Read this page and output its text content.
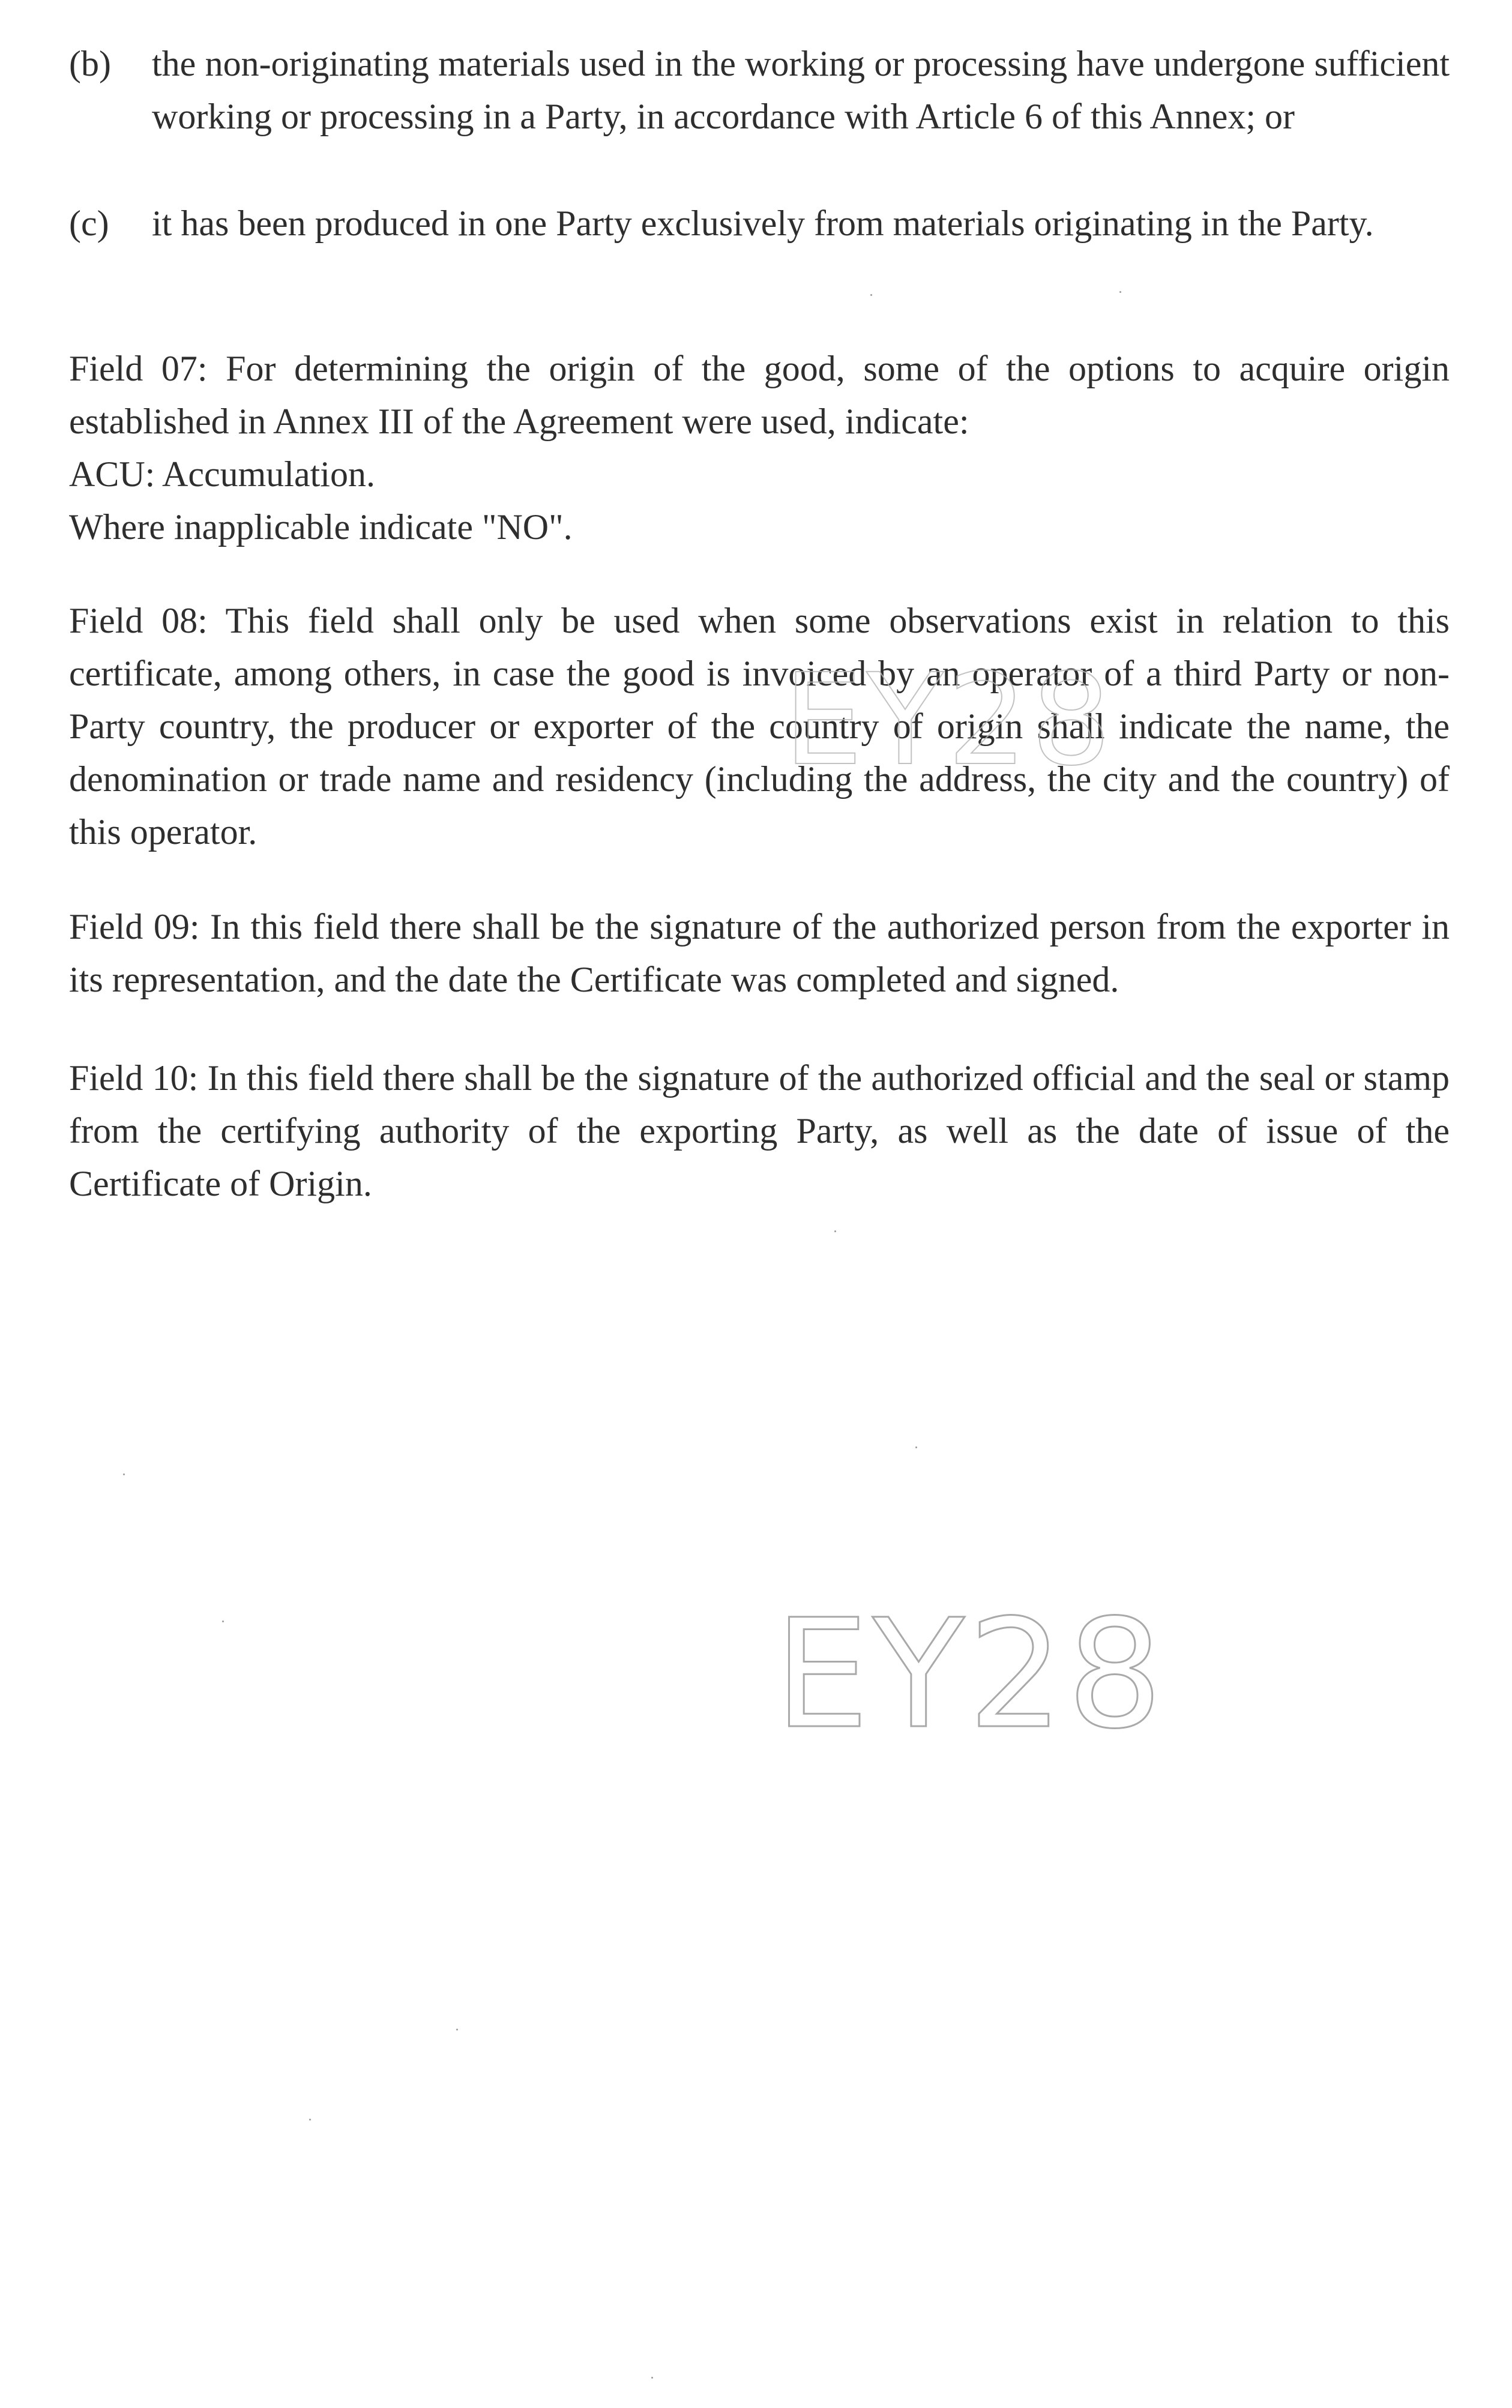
(b)	the non-originating materials used in the working or processing have undergone sufficient working or processing in a Party, in accordance with Article 6 of this Annex; or
(c)	it has been produced in one Party exclusively from materials originating in the Party.
Field 07: For determining the origin of the good, some of the options to acquire origin established in Annex III of the Agreement were used, indicate:
ACU: Accumulation.
Where inapplicable indicate "NO".
Field 08: This field shall only be used when some observations exist in relation to this certificate, among others, in case the good is invoiced by an operator of a third Party or non-Party country, the producer or exporter of the country of origin shall indicate the name, the denomination or trade name and residency (including the address, the city and the country) of this operator.
Field 09: In this field there shall be the signature of the authorized person from the exporter in its representation, and the date the Certificate was completed and signed.
Field 10: In this field there shall be the signature of the authorized official and the seal or stamp from the certifying authority of the exporting Party, as well as the date of issue of the Certificate of Origin.
EY28
EY28
